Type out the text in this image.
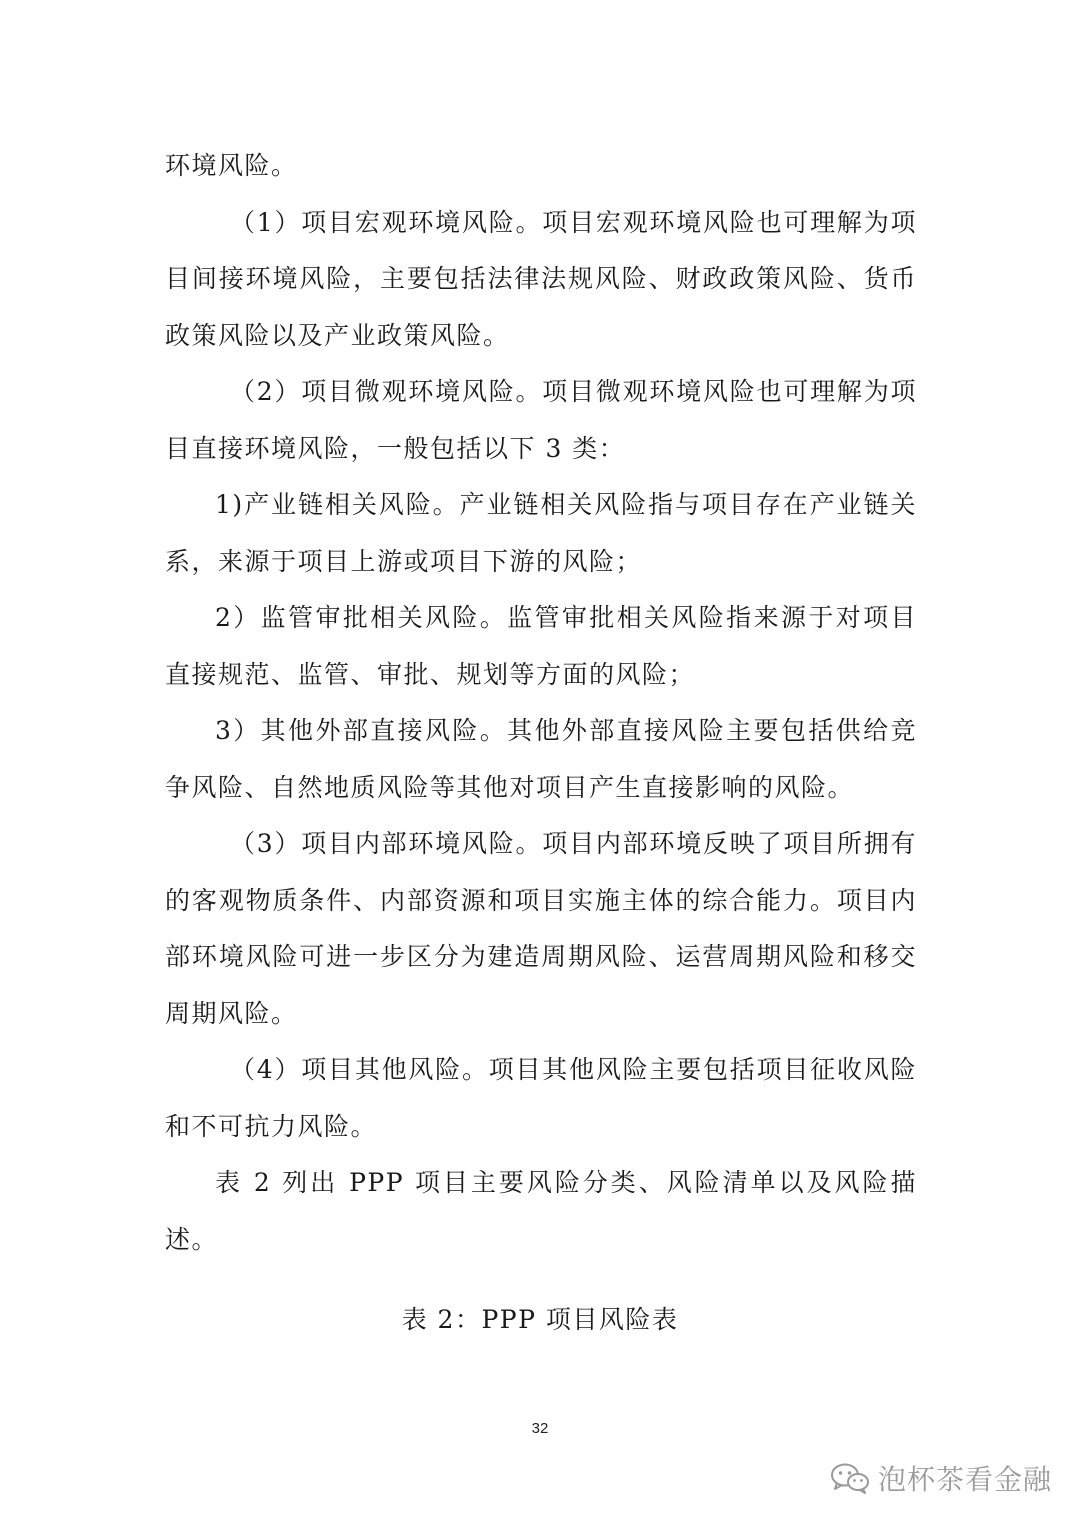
环境风险。

（1）项目宏观环境风险。项目宏观环境风险也可理解为项目间接环境风险，主要包括法律法规风险、财政政策风险、货币政策风险以及产业政策风险。

（2）项目微观环境风险。项目微观环境风险也可理解为项目直接环境风险，一般包括以下 3 类：

1)产业链相关风险。产业链相关风险指与项目存在产业链关系，来源于项目上游或项目下游的风险；

2）监管审批相关风险。监管审批相关风险指来源于对项目直接规范、监管、审批、规划等方面的风险；

3）其他外部直接风险。其他外部直接风险主要包括供给竞争风险、自然地质风险等其他对项目产生直接影响的风险。

（3）项目内部环境风险。项目内部环境反映了项目所拥有的客观物质条件、内部资源和项目实施主体的综合能力。项目内部环境风险可进一步区分为建造周期风险、运营周期风险和移交周期风险。

（4）项目其他风险。项目其他风险主要包括项目征收风险和不可抗力风险。

表 2 列出 PPP 项目主要风险分类、风险清单以及风险描述。

表 2：PPP 项目风险表

32
泡杯茶看金融
